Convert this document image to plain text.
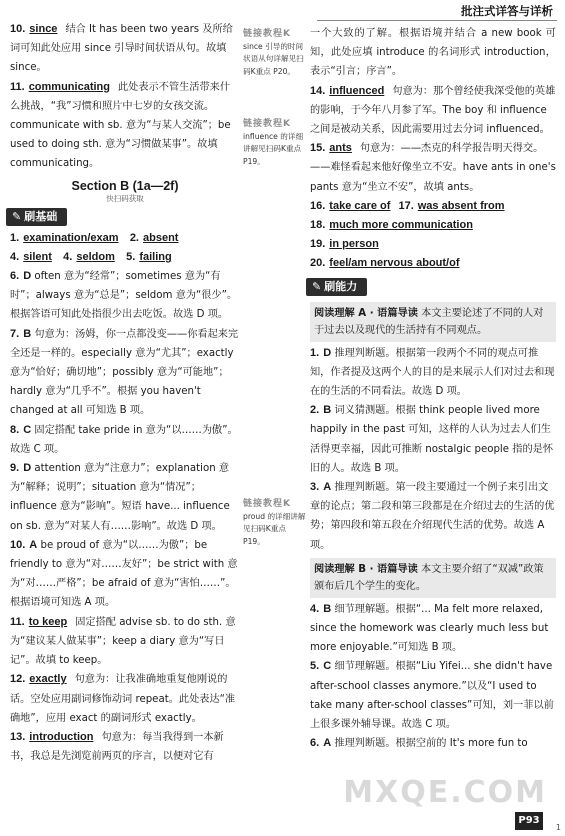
批注式详答与详析
10. since 结合 It has been two years 及所给词可知此处应用 since 引导时间状语从句。故填 since。
11. communicating 此处表示不管生活带来什么挑战，“我”习惯和照片中七岁的女孩交流。communicate with sb. 意为“与某人交流”；be used to doing sth. 意为“习惯做某事”。故填 communicating。
Section B (1a—2f)
快扫码获取
✎ 刷基础
1. examination/exam 2. absent
4. silent 4. seldom 5. failing
6. D often 意为“经常”；sometimes 意为“有时”；always 意为“总是”；seldom 意为“很少”。根据答语可知此处指很少出去吃饭。故选 D 项。
7. B 句意为：汤姆，你一点都没变——你看起来完全还是一样的。especially 意为“尤其”；exactly 意为“恰好；确切地”；possibly 意为“可能地”；hardly 意为“几乎不”。根据 you haven't changed at all 可知选 B 项。
8. C 固定搭配 take pride in 意为“以……为傲”。故选 C 项。
9. D attention 意为“注意力”；explanation 意为“解释；说明”；situation 意为“情况”；influence 意为“影响”。短语 have... influence on sb. 意为“对某人有……影响”。故选 D 项。
10. A be proud of 意为“以……为傲”；be friendly to 意为“对……友好”；be strict with 意为“对……严格”；be afraid of 意为“害怕……”。根据语境可知选 A 项。
11. to keep 固定搭配 advise sb. to do sth. 意为“建议某人做某事”；keep a diary 意为“写日记”。故填 to keep。
12. exactly 句意为：让我准确地重复他刚说的话。空处应用副词修饰动词 repeat。此处表达“准确地”，应用 exact 的副词形式 exactly。
13. introduction 句意为：每当我得到一本新书，我总是先浏览前两页的序言，以便对它有
链接教程K
since 引导的时间状语从句详解见扫码K重点 P20。
链接教程K
influence 的详细讲解见扫码K重点 P19。
链接教程K
proud 的详细讲解见扫码K重点 P19。
一个大致的了解。根据语境并结合 a new book 可知，此处应填 introduce 的名词形式 introduction，表示“引言；序言”。
14. influenced 句意为：那个曾经使我深受他的英雄的影响，于今年八月参了军。The boy 和 influence 之间是被动关系，因此需要用过去分词 influenced。
15. ants 句意为：——杰克的科学报告明天得交。——难怪看起来他好像坐立不安。have ants in one's pants 意为“坐立不安”，故填 ants。
16. take care of 17. was absent from
18. much more communication
19. in person
20. feel/am nervous about/of
✎ 刷能力
阅读理解 A · 语篇导读 本文主要论述了不同的人对于过去以及现代的生活持有不同观点。
1. D 推理判断题。根据第一段两个不同的观点可推知，作者提及这两个人的目的是来展示人们对过去和现在的生活的不同看法。故选 D 项。
2. B 词义猜测题。根据 think people lived more happily in the past 可知，这样的人认为过去人们生活得更幸福，因此可推断 nostalgic people 指的是怀旧的人。故选 B 项。
3. A 推理判断题。第一段主要通过一个例子来引出文章的论点；第二段和第三段都是在介绍过去的生活的优势；第四段和第五段在介绍现代生活的优势。故选 A 项。
阅读理解 B · 语篇导读 本文主要介绍了“双减”政策颁布后几个学生的变化。
4. B 细节理解题。根据“... Ma felt more relaxed, since the homework was clearly much less but more enjoyable.”可知选 B 项。
5. C 细节理解题。根据“Liu Yifei... she didn't have after-school classes anymore.”以及“I used to take many after-school classes”可知，刘一菲以前上很多课外辅导课。故选 C 项。
6. A 推理判断题。根据空前的 It's more fun to
MXQE.COM
P93
1
